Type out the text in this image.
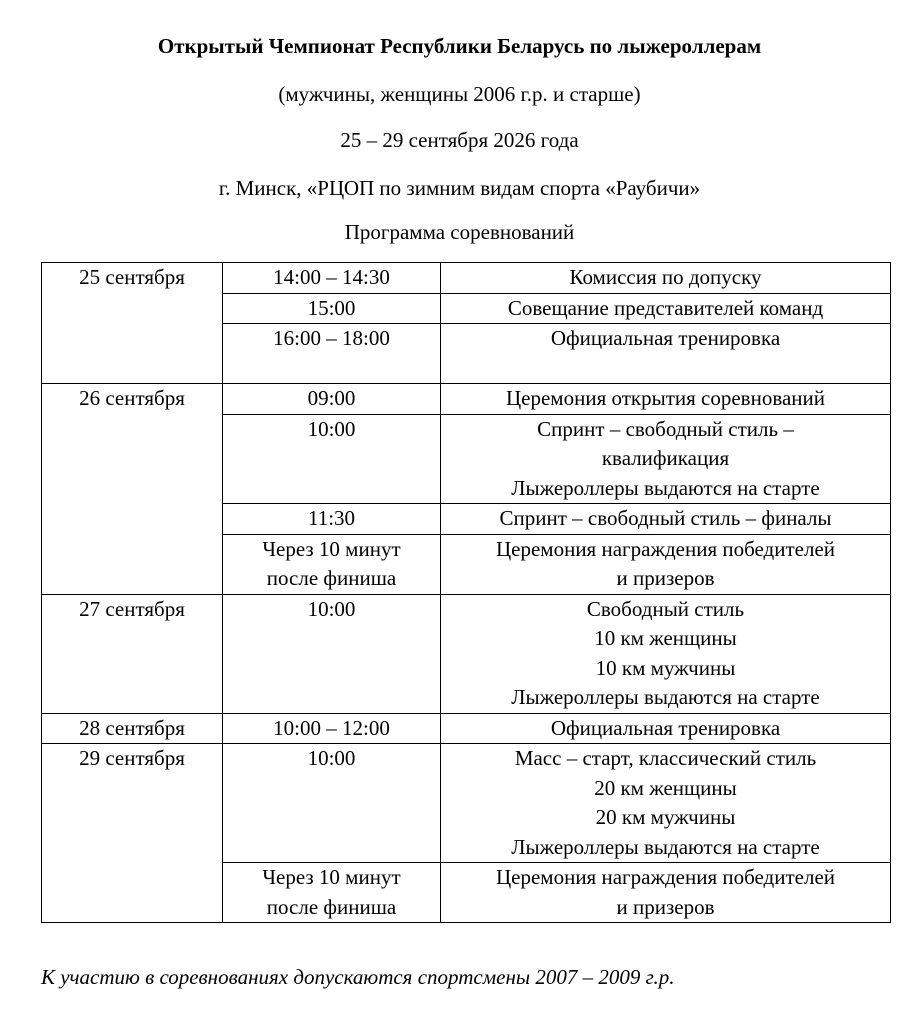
Открытый Чемпионат Республики Беларусь по лыжероллерам
(мужчины, женщины 2006 г.р. и старше)
25 – 29 сентября 2026 года
г. Минск, «РЦОП по зимним видам спорта «Раубичи»
Программа соревнований
25 сентября	14:00 – 14:30	Комиссия по допуску

	15:00	Совещание представителей команд

	16:00 – 18:00	Официальная тренировка

26 сентября	09:00	Церемония открытия соревнований

	10:00	Спринт – свободный стиль –
квалификация
Лыжероллеры выдаются на старте

	11:30	Спринт – свободный стиль – финалы

	Через 10 минут
после финиша	Церемония награждения победителей
и призеров

27 сентября	10:00	Свободный стиль
10 км женщины
10 км мужчины
Лыжероллеры выдаются на старте

28 сентября	10:00 – 12:00	Официальная тренировка

29 сентября	10:00	Масс – старт, классический стиль
20 км женщины
20 км мужчины
Лыжероллеры выдаются на старте

	Через 10 минут
после финиша	Церемония награждения победителей
и призеров
К участию в соревнованиях допускаются спортсмены 2007 – 2009 г.р.
